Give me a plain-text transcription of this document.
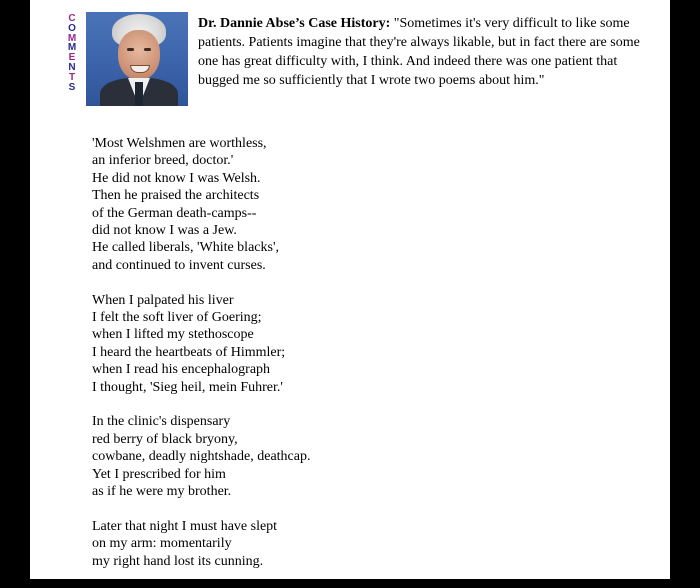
C
O
M
M
E
N
T
S
Dr. Dannie Abse’s Case History: "Sometimes it's very difficult to like some patients. Patients imagine that they're always likable, but in fact there are some one has great difficulty with, I think. And indeed there was one patient that bugged me so sufficiently that I wrote two poems about him."
'Most Welshmen are worthless,
an inferior breed, doctor.'
He did not know I was Welsh.
Then he praised the architects
of the German death-camps--
did not know I was a Jew.
He called liberals, 'White blacks',
and continued to invent curses.
When I palpated his liver
I felt the soft liver of Goering;
when I lifted my stethoscope
I heard the heartbeats of Himmler;
when I read his encephalograph
I thought, 'Sieg heil, mein Fuhrer.'
In the clinic's dispensary
red berry of black bryony,
cowbane, deadly nightshade, deathcap.
Yet I prescribed for him
as if he were my brother.
Later that night I must have slept
on my arm: momentarily
my right hand lost its cunning.
